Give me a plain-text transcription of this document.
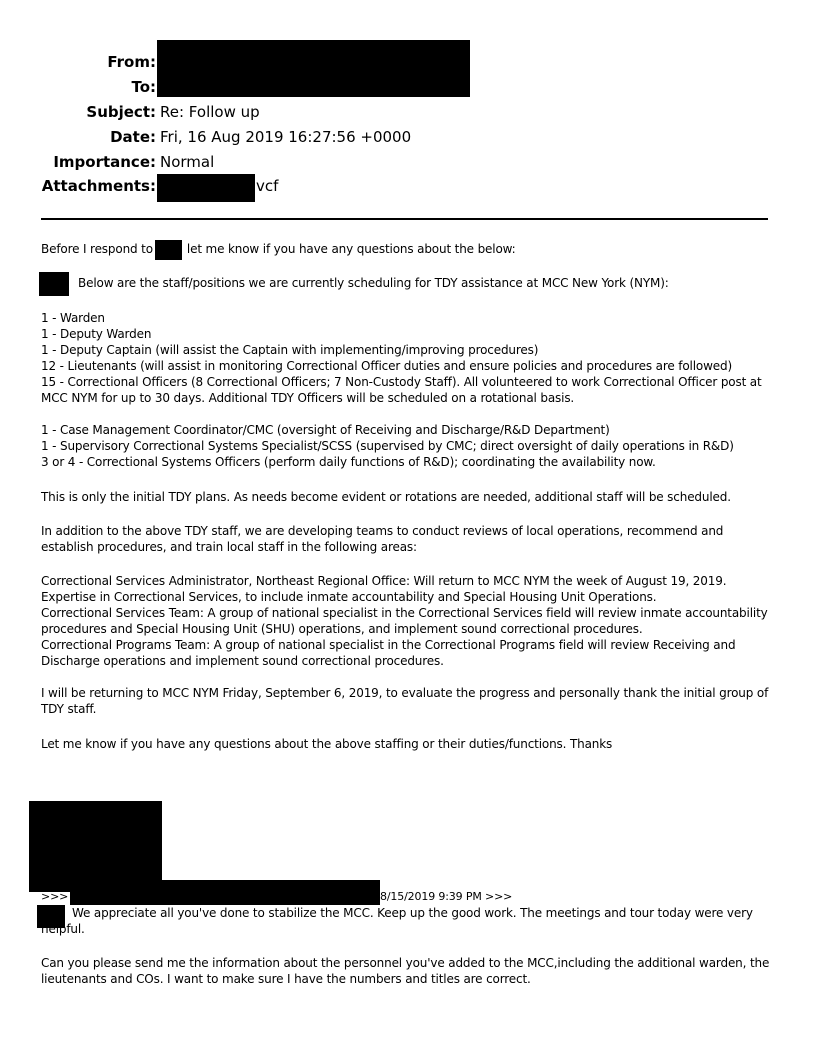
From:
To:
Subject: Re: Follow up
Date: Fri, 16 Aug 2019 16:27:56 +0000
Importance: Normal
Attachments:	vcf
Before I respond to	let me know if you have any questions about the below:
Below are the staff/positions we are currently scheduling for TDY assistance at MCC New York (NYM):
1 - Warden
1 - Deputy Warden
1 - Deputy Captain (will assist the Captain with implementing/improving procedures)
12 - Lieutenants (will assist in monitoring Correctional Officer duties and ensure policies and procedures are followed)
15 - Correctional Officers (8 Correctional Officers; 7 Non-Custody Staff). All volunteered to work Correctional Officer post at
MCC NYM for up to 30 days. Additional TDY Officers will be scheduled on a rotational basis.
1 - Case Management Coordinator/CMC (oversight of Receiving and Discharge/R&D Department)
1 - Supervisory Correctional Systems Specialist/SCSS (supervised by CMC; direct oversight of daily operations in R&D)
3 or 4 - Correctional Systems Officers (perform daily functions of R&D); coordinating the availability now.
This is only the initial TDY plans. As needs become evident or rotations are needed, additional staff will be scheduled.
In addition to the above TDY staff, we are developing teams to conduct reviews of local operations, recommend and
establish procedures, and train local staff in the following areas:
Correctional Services Administrator, Northeast Regional Office: Will return to MCC NYM the week of August 19, 2019.
Expertise in Correctional Services, to include inmate accountability and Special Housing Unit Operations.
Correctional Services Team: A group of national specialist in the Correctional Services field will review inmate accountability
procedures and Special Housing Unit (SHU) operations, and implement sound correctional procedures.
Correctional Programs Team: A group of national specialist in the Correctional Programs field will review Receiving and
Discharge operations and implement sound correctional procedures.
I will be returning to MCC NYM Friday, September 6, 2019, to evaluate the progress and personally thank the initial group of
TDY staff.
Let me know if you have any questions about the above staffing or their duties/functions. Thanks
>>>	8/15/2019 9:39 PM >>>
We appreciate all you've done to stabilize the MCC. Keep up the good work. The meetings and tour today were very
helpful.
Can you please send me the information about the personnel you've added to the MCC,including the additional warden, the
lieutenants and COs. I want to make sure I have the numbers and titles are correct.
